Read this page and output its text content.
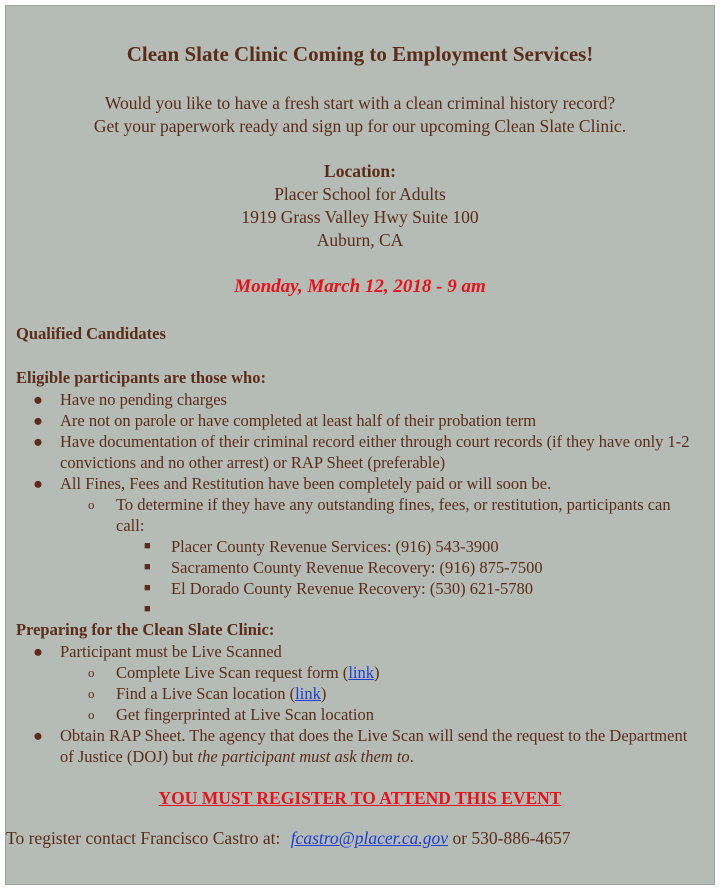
Clean Slate Clinic Coming to Employment Services!
Would you like to have a fresh start with a clean criminal history record?
Get your paperwork ready and sign up for our upcoming Clean Slate Clinic.
Location:
Placer School for Adults
1919 Grass Valley Hwy Suite 100
Auburn, CA
Monday, March 12, 2018 - 9 am
Qualified Candidates
Eligible participants are those who:
● Have no pending charges
● Are not on parole or have completed at least half of their probation term
● Have documentation of their criminal record either through court records (if they have only 1-2 convictions and no other arrest) or RAP Sheet (preferable)
● All Fines, Fees and Restitution have been completely paid or will soon be.
o To determine if they have any outstanding fines, fees, or restitution, participants can call:
■ Placer County Revenue Services: (916) 543-3900
■ Sacramento County Revenue Recovery: (916) 875-7500
■ El Dorado County Revenue Recovery: (530) 621-5780
■

Preparing for the Clean Slate Clinic:
● Participant must be Live Scanned
o Complete Live Scan request form (link)
o Find a Live Scan location (link)
o Get fingerprinted at Live Scan location
● Obtain RAP Sheet. The agency that does the Live Scan will send the request to the Department of Justice (DOJ) but the participant must ask them to.
YOU MUST REGISTER TO ATTEND THIS EVENT
To register contact Francisco Castro at: fcastro@placer.ca.gov or 530-886-4657
